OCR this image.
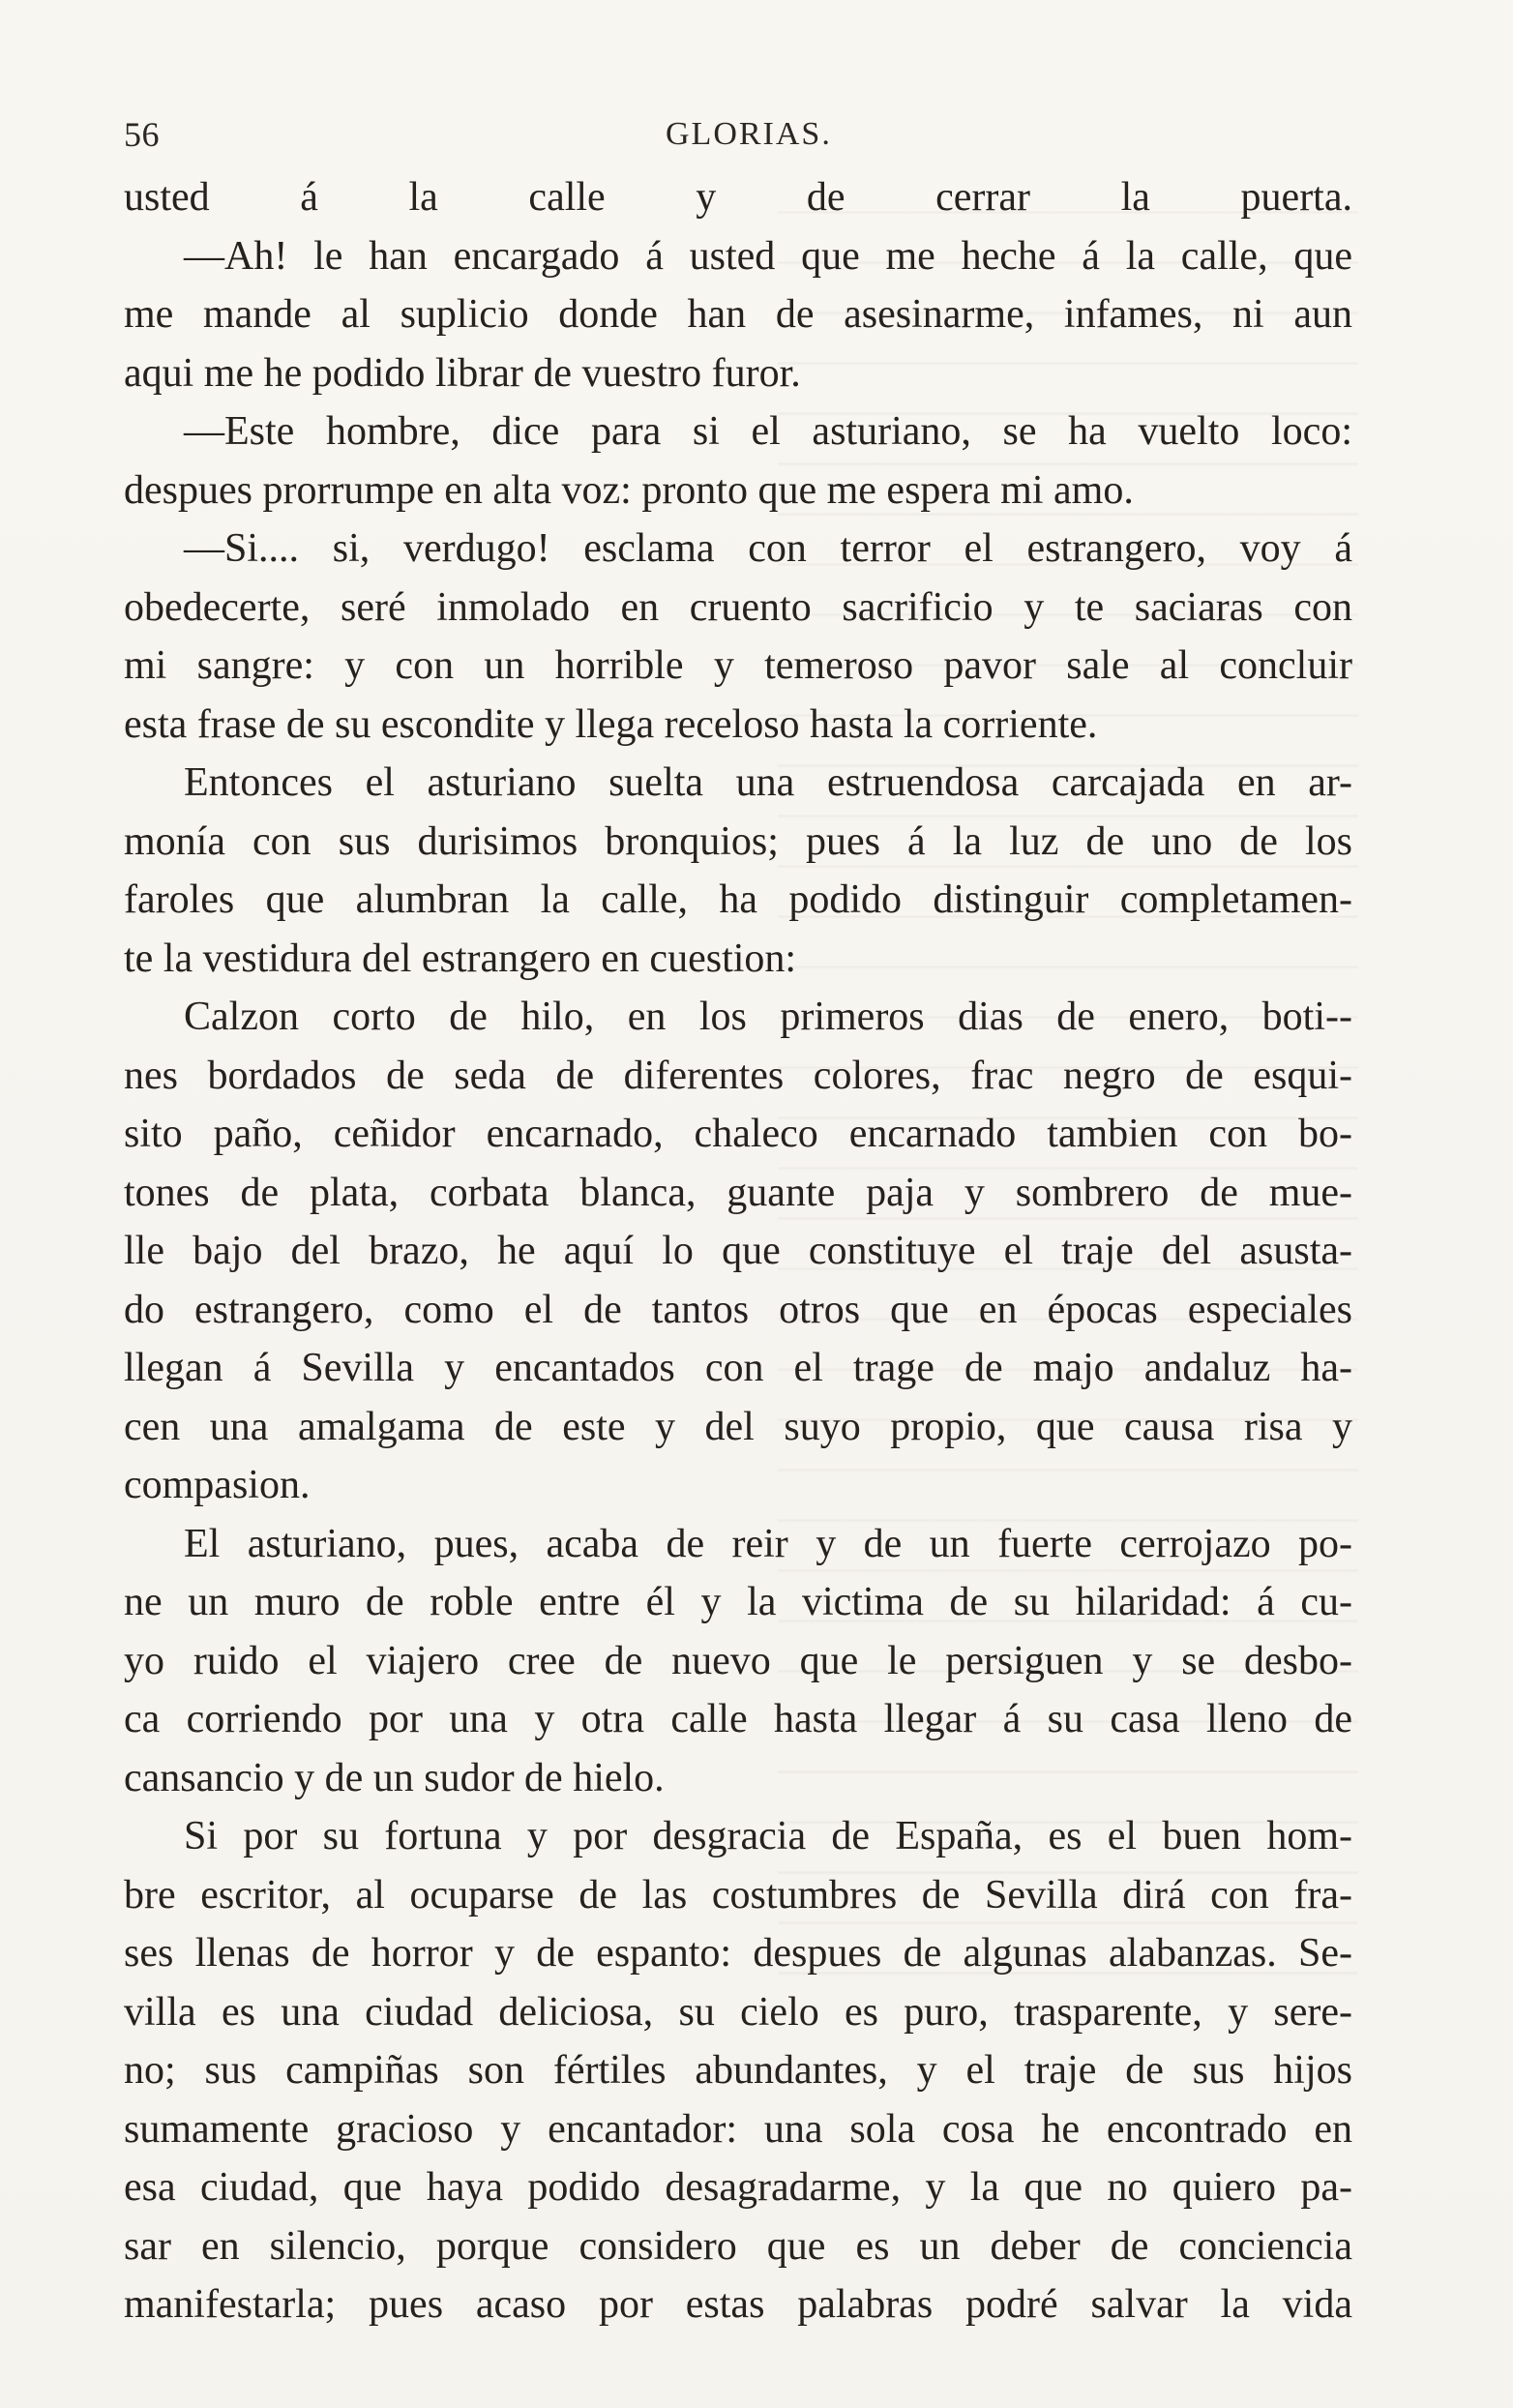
56	GLORIAS.
usted á la calle y de cerrar la puerta.
—Ah! le han encargado á usted que me heche á la calle, que
me mande al suplicio donde han de asesinarme, infames, ni aun
aqui me he podido librar de vuestro furor.
—Este hombre, dice para si el asturiano, se ha vuelto loco:
despues prorrumpe en alta voz: pronto que me espera mi amo.
—Si.... si, verdugo! esclama con terror el estrangero, voy á
obedecerte, seré inmolado en cruento sacrificio y te saciaras con
mi sangre: y con un horrible y temeroso pavor sale al concluir
esta frase de su escondite y llega receloso hasta la corriente.
Entonces el asturiano suelta una estruendosa carcajada en ar-
monía con sus durisimos bronquios; pues á la luz de uno de los
faroles que alumbran la calle, ha podido distinguir completamen-
te la vestidura del estrangero en cuestion:
Calzon corto de hilo, en los primeros dias de enero, boti--
nes bordados de seda de diferentes colores, frac negro de esqui-
sito paño, ceñidor encarnado, chaleco encarnado tambien con bo-
tones de plata, corbata blanca, guante paja y sombrero de mue-
lle bajo del brazo, he aquí lo que constituye el traje del asusta-
do estrangero, como el de tantos otros que en épocas especiales
llegan á Sevilla y encantados con el trage de majo andaluz ha-
cen una amalgama de este y del suyo propio, que causa risa y
compasion.
El asturiano, pues, acaba de reir y de un fuerte cerrojazo po-
ne un muro de roble entre él y la victima de su hilaridad: á cu-
yo ruido el viajero cree de nuevo que le persiguen y se desbo-
ca corriendo por una y otra calle hasta llegar á su casa lleno de
cansancio y de un sudor de hielo.
Si por su fortuna y por desgracia de España, es el buen hom-
bre escritor, al ocuparse de las costumbres de Sevilla dirá con fra-
ses llenas de horror y de espanto: despues de algunas alabanzas. Se-
villa es una ciudad deliciosa, su cielo es puro, trasparente, y sere-
no; sus campiñas son fértiles abundantes, y el traje de sus hijos
sumamente gracioso y encantador: una sola cosa he encontrado en
esa ciudad, que haya podido desagradarme, y la que no quiero pa-
sar en silencio, porque considero que es un deber de conciencia
manifestarla; pues acaso por estas palabras podré salvar la vida
